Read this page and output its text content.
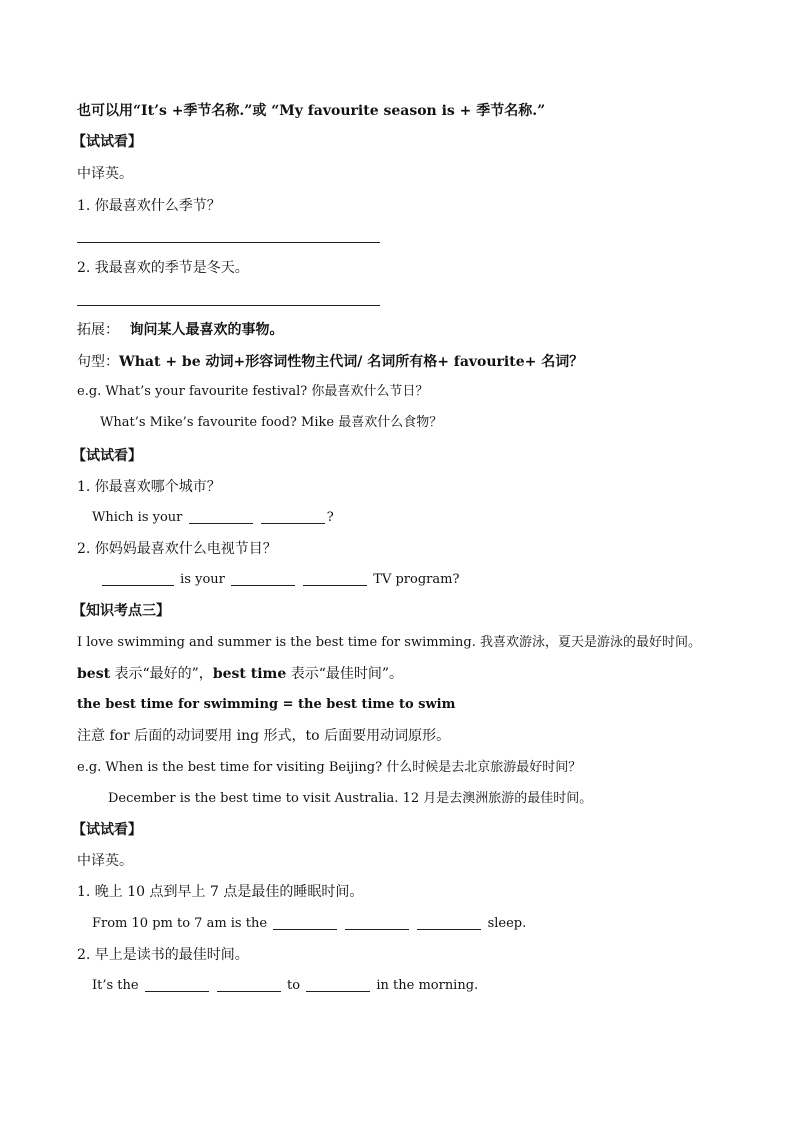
也可以用“It’s +季节名称.”或 “My favourite season is + 季节名称.”
【试试看】
中译英。
1. 你最喜欢什么季节？
2. 我最喜欢的季节是冬天。
拓展： 询问某人最喜欢的事物。
句型：What + be 动词+形容词性物主代词/ 名词所有格+ favourite+ 名词？
e.g. What’s your favourite festival? 你最喜欢什么节日？
What’s Mike’s favourite food? Mike 最喜欢什么食物？
【试试看】
1. 你最喜欢哪个城市？
Which is your	?
2. 你妈妈最喜欢什么电视节目？
is your	TV program?
【知识考点三】
I love swimming and summer is the best time for swimming. 我喜欢游泳，夏天是游泳的最好时间。
best 表示“最好的”，best time 表示“最佳时间”。
the best time for swimming = the best time to swim
注意 for 后面的动词要用 ing 形式，to 后面要用动词原形。
e.g. When is the best time for visiting Beijing? 什么时候是去北京旅游最好时间？
December is the best time to visit Australia. 12 月是去澳洲旅游的最佳时间。
【试试看】
中译英。
1. 晚上 10 点到早上 7 点是最佳的睡眠时间。
From 10 pm to 7 am is the	sleep.
2. 早上是读书的最佳时间。
It’s the	to	in the morning.
